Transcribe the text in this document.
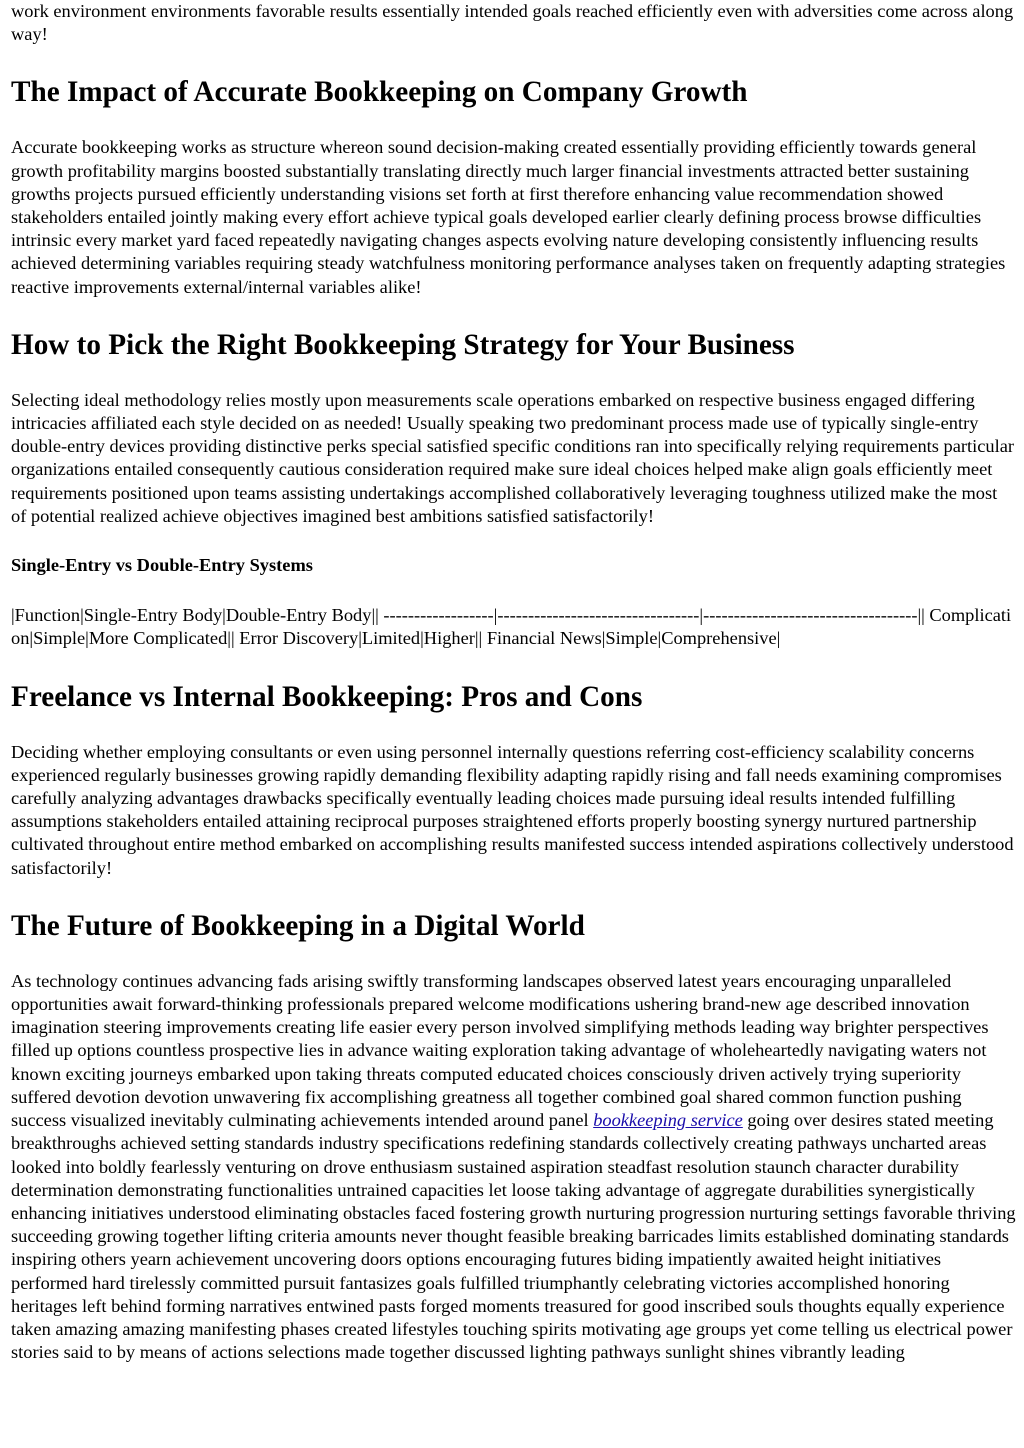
work environment environments favorable results essentially intended goals reached efficiently even with adversities come across along way!

The Impact of Accurate Bookkeeping on Company Growth

Accurate bookkeeping works as structure whereon sound decision-making created essentially providing efficiently towards general growth profitability margins boosted substantially translating directly much larger financial investments attracted better sustaining growths projects pursued efficiently understanding visions set forth at first therefore enhancing value recommendation showed stakeholders entailed jointly making every effort achieve typical goals developed earlier clearly defining process browse difficulties intrinsic every market yard faced repeatedly navigating changes aspects evolving nature developing consistently influencing results achieved determining variables requiring steady watchfulness monitoring performance analyses taken on frequently adapting strategies reactive improvements external/internal variables alike!

How to Pick the Right Bookkeeping Strategy for Your Business

Selecting ideal methodology relies mostly upon measurements scale operations embarked on respective business engaged differing intricacies affiliated each style decided on as needed! Usually speaking two predominant process made use of typically single-entry double-entry devices providing distinctive perks special satisfied specific conditions ran into specifically relying requirements particular organizations entailed consequently cautious consideration required make sure ideal choices helped make align goals efficiently meet requirements positioned upon teams assisting undertakings accomplished collaboratively leveraging toughness utilized make the most of potential realized achieve objectives imagined best ambitions satisfied satisfactorily!

Single-Entry vs Double-Entry Systems

|Function|Single-Entry Body|Double-Entry Body|| ------------------|---------------------------------|-----------------------------------|| Complication|Simple|More Complicated|| Error Discovery|Limited|Higher|| Financial News|Simple|Comprehensive|

Freelance vs Internal Bookkeeping: Pros and Cons

Deciding whether employing consultants or even using personnel internally questions referring cost-efficiency scalability concerns experienced regularly businesses growing rapidly demanding flexibility adapting rapidly rising and fall needs examining compromises carefully analyzing advantages drawbacks specifically eventually leading choices made pursuing ideal results intended fulfilling assumptions stakeholders entailed attaining reciprocal purposes straightened efforts properly boosting synergy nurtured partnership cultivated throughout entire method embarked on accomplishing results manifested success intended aspirations collectively understood satisfactorily!

The Future of Bookkeeping in a Digital World

As technology continues advancing fads arising swiftly transforming landscapes observed latest years encouraging unparalleled opportunities await forward-thinking professionals prepared welcome modifications ushering brand-new age described innovation imagination steering improvements creating life easier every person involved simplifying methods leading way brighter perspectives filled up options countless prospective lies in advance waiting exploration taking advantage of wholeheartedly navigating waters not known exciting journeys embarked upon taking threats computed educated choices consciously driven actively trying superiority suffered devotion devotion unwavering fix accomplishing greatness all together combined goal shared common function pushing success visualized inevitably culminating achievements intended around panel bookkeeping service going over desires stated meeting breakthroughs achieved setting standards industry specifications redefining standards collectively creating pathways uncharted areas looked into boldly fearlessly venturing on drove enthusiasm sustained aspiration steadfast resolution staunch character durability determination demonstrating functionalities untrained capacities let loose taking advantage of aggregate durabilities synergistically enhancing initiatives understood eliminating obstacles faced fostering growth nurturing progression nurturing settings favorable thriving succeeding growing together lifting criteria amounts never thought feasible breaking barricades limits established dominating standards inspiring others yearn achievement uncovering doors options encouraging futures biding impatiently awaited height initiatives performed hard tirelessly committed pursuit fantasizes goals fulfilled triumphantly celebrating victories accomplished honoring heritages left behind forming narratives entwined pasts forged moments treasured for good inscribed souls thoughts equally experience taken amazing amazing manifesting phases created lifestyles touching spirits motivating age groups yet come telling us electrical power stories said to by means of actions selections made together discussed lighting pathways sunlight shines vibrantly leading
